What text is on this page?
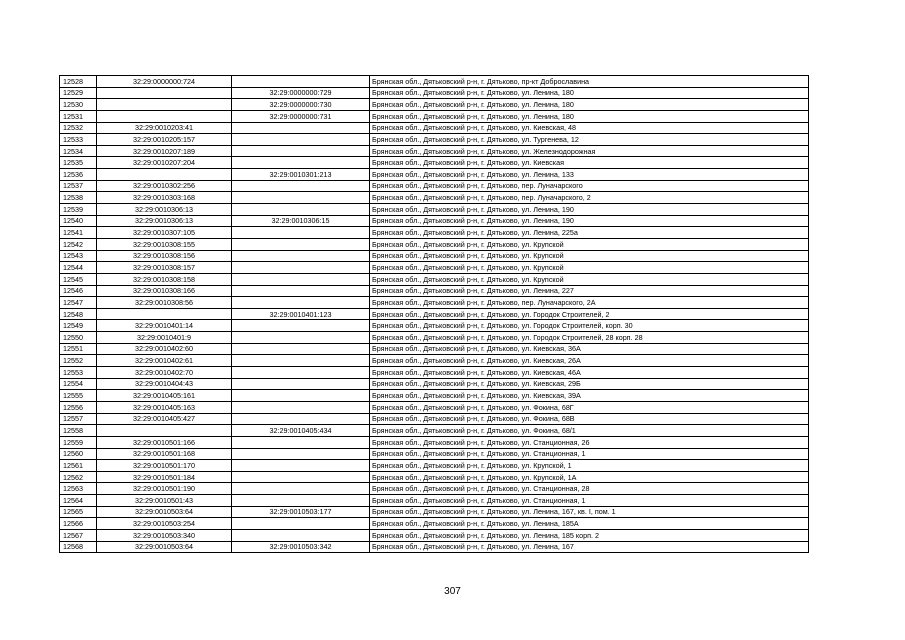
12528	32:29:0000000:724		Брянская обл., Дятьковский р-н, г. Дятьково, пр-кт Доброславина
12529		32:29:0000000:729	Брянская обл., Дятьковский р-н, г. Дятьково, ул. Ленина, 180
12530		32:29:0000000:730	Брянская обл., Дятьковский р-н, г. Дятьково, ул. Ленина, 180
12531		32:29:0000000:731	Брянская обл., Дятьковский р-н, г. Дятьково, ул. Ленина, 180
12532	32:29:0010203:41		Брянская обл., Дятьковский р-н, г. Дятьково, ул. Киевская, 48
12533	32:29:0010205:157		Брянская обл., Дятьковский р-н, г. Дятьково, ул. Тургенева, 12
12534	32:29:0010207:189		Брянская обл., Дятьковский р-н, г. Дятьково, ул. Железнодорожная
12535	32:29:0010207:204		Брянская обл., Дятьковский р-н, г. Дятьково, ул. Киевская
12536		32:29:0010301:213	Брянская обл., Дятьковский р-н, г. Дятьково, ул. Ленина, 133
12537	32:29:0010302:256		Брянская обл., Дятьковский р-н, г. Дятьково, пер. Луначарского
12538	32:29:0010303:168		Брянская обл., Дятьковский р-н, г. Дятьково, пер. Луначарского, 2
12539	32:29:0010306:13		Брянская обл., Дятьковский р-н, г. Дятьково, ул. Ленина, 190
12540	32:29:0010306:13	32:29:0010306:15	Брянская обл., Дятьковский р-н, г. Дятьково, ул. Ленина, 190
12541	32:29:0010307:105		Брянская обл., Дятьковский р-н, г. Дятьково, ул. Ленина, 225а
12542	32:29:0010308:155		Брянская обл., Дятьковский р-н, г. Дятьково, ул. Крупской
12543	32:29:0010308:156		Брянская обл., Дятьковский р-н, г. Дятьково, ул. Крупской
12544	32:29:0010308:157		Брянская обл., Дятьковский р-н, г. Дятьково, ул. Крупской
12545	32:29:0010308:158		Брянская обл., Дятьковский р-н, г. Дятьково, ул. Крупской
12546	32:29:0010308:166		Брянская обл., Дятьковский р-н, г. Дятьково, ул. Ленина, 227
12547	32:29:0010308:56		Брянская обл., Дятьковский р-н, г. Дятьково, пер. Луначарского, 2А
12548		32:29:0010401:123	Брянская обл., Дятьковский р-н, г. Дятьково, ул. Городок Строителей, 2
12549	32:29:0010401:14		Брянская обл., Дятьковский р-н, г. Дятьково, ул. Городок Строителей, корп. 30
12550	32:29:0010401:9		Брянская обл., Дятьковский р-н, г. Дятьково, ул. Городок Строителей, 28 корп. 28
12551	32:29:0010402:60		Брянская обл., Дятьковский р-н, г. Дятьково, ул. Киевская, 36А
12552	32:29:0010402:61		Брянская обл., Дятьковский р-н, г. Дятьково, ул. Киевская, 26А
12553	32:29:0010402:70		Брянская обл., Дятьковский р-н, г. Дятьково, ул. Киевская, 46А
12554	32:29:0010404:43		Брянская обл., Дятьковский р-н, г. Дятьково, ул. Киевская, 29Б
12555	32:29:0010405:161		Брянская обл., Дятьковский р-н, г. Дятьково, ул. Киевская, 39А
12556	32:29:0010405:163		Брянская обл., Дятьковский р-н, г. Дятьково, ул. Фокина, 68Г
12557	32:29:0010405:427		Брянская обл., Дятьковский р-н, г. Дятьково, ул. Фокина, 68В
12558		32:29:0010405:434	Брянская обл., Дятьковский р-н, г. Дятьково, ул. Фокина, 68/1
12559	32:29:0010501:166		Брянская обл., Дятьковский р-н, г. Дятьково, ул. Станционная, 26
12560	32:29:0010501:168		Брянская обл., Дятьковский р-н, г. Дятьково, ул. Станционная, 1
12561	32:29:0010501:170		Брянская обл., Дятьковский р-н, г. Дятьково, ул. Крупской, 1
12562	32:29:0010501:184		Брянская обл., Дятьковский р-н, г. Дятьково, ул. Крупской, 1А
12563	32:29:0010501:190		Брянская обл., Дятьковский р-н, г. Дятьково, ул. Станционная, 28
12564	32:29:0010501:43		Брянская обл., Дятьковский р-н, г. Дятьково, ул. Станционная, 1
12565	32:29:0010503:64	32:29:0010503:177	Брянская обл., Дятьковский р-н, г. Дятьково, ул. Ленина, 167, кв. I, пом. 1
12566	32:29:0010503:254		Брянская обл., Дятьковский р-н, г. Дятьково, ул. Ленина, 185А
12567	32:29:0010503:340		Брянская обл., Дятьковский р-н, г. Дятьково, ул. Ленина, 185 корп. 2
12568	32:29:0010503:64	32:29:0010503:342	Брянская обл., Дятьковский р-н, г. Дятьково, ул. Ленина, 167
307
